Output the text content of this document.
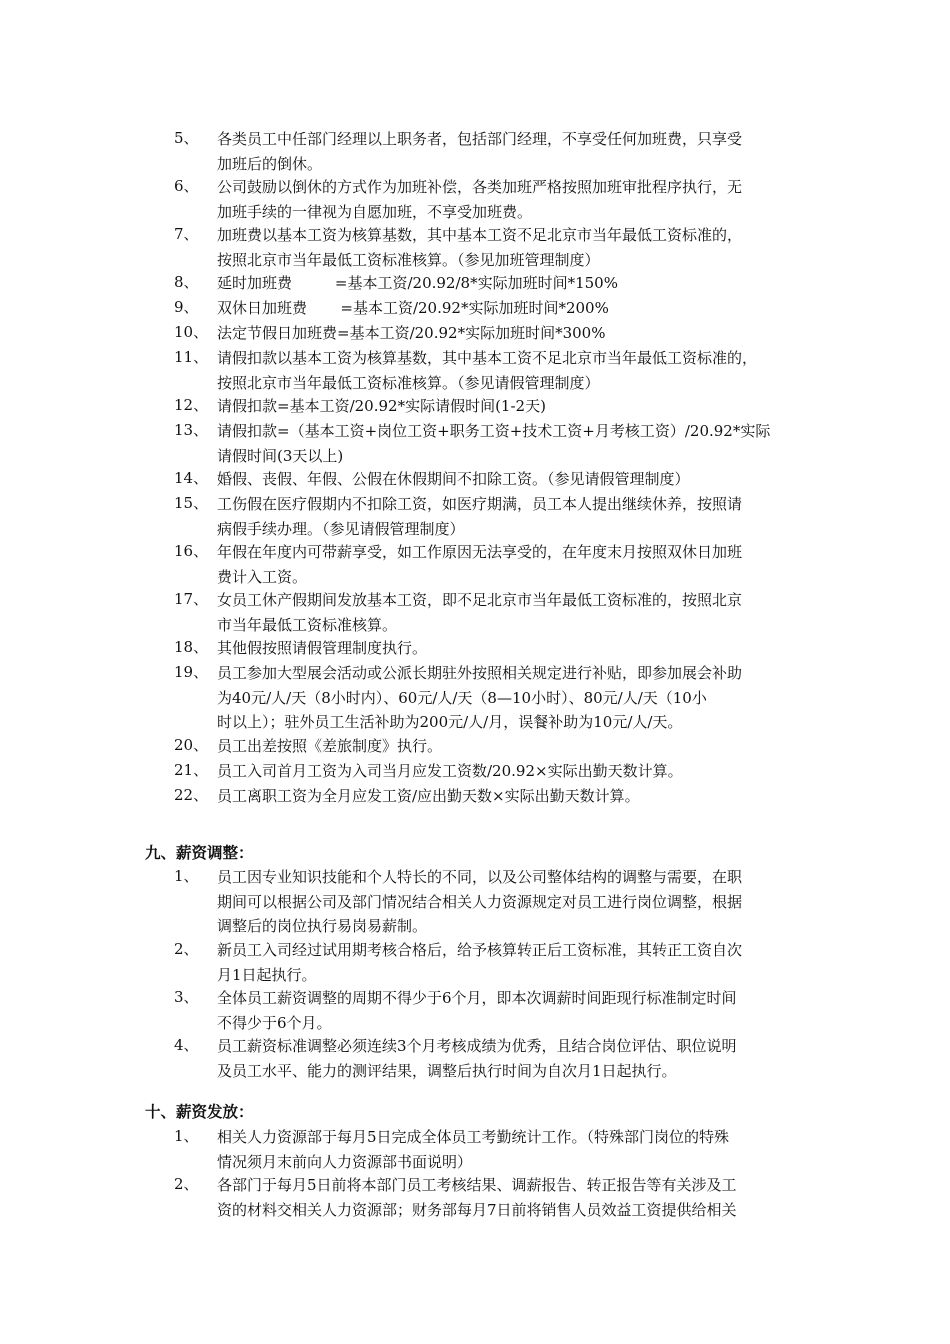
5、	各类员工中任部门经理以上职务者，包括部门经理，不享受任何加班费，只享受
加班后的倒休。
6、	公司鼓励以倒休的方式作为加班补偿，各类加班严格按照加班审批程序执行，无
加班手续的一律视为自愿加班，不享受加班费。
7、	加班费以基本工资为核算基数，其中基本工资不足北京市当年最低工资标准的，
按照北京市当年最低工资标准核算。（参见加班管理制度）
8、	延时加班费         =基本工资/20.92/8*实际加班时间*150%
9、	双休日加班费       =基本工资/20.92*实际加班时间*200%
10、 法定节假日加班费=基本工资/20.92*实际加班时间*300%
11、 请假扣款以基本工资为核算基数，其中基本工资不足北京市当年最低工资标准的，
按照北京市当年最低工资标准核算。（参见请假管理制度）
12、 请假扣款=基本工资/20.92*实际请假时间(1-2天)
13、 请假扣款=（基本工资+岗位工资+职务工资+技术工资+月考核工资）/20.92*实际
请假时间(3天以上)
14、 婚假、丧假、年假、公假在休假期间不扣除工资。（参见请假管理制度）
15、 工伤假在医疗假期内不扣除工资，如医疗期满，员工本人提出继续休养，按照请
病假手续办理。（参见请假管理制度）
16、 年假在年度内可带薪享受，如工作原因无法享受的，在年度末月按照双休日加班
费计入工资。
17、 女员工休产假期间发放基本工资，即不足北京市当年最低工资标准的，按照北京
市当年最低工资标准核算。
18、 其他假按照请假管理制度执行。
19、 员工参加大型展会活动或公派长期驻外按照相关规定进行补贴，即参加展会补助
为40元/人/天（8小时内）、60元/人/天（8—10小时）、80元/人/天（10小
时以上）；驻外员工生活补助为200元/人/月，误餐补助为10元/人/天。
20、 员工出差按照《差旅制度》执行。
21、 员工入司首月工资为入司当月应发工资数/20.92×实际出勤天数计算。
22、 员工离职工资为全月应发工资/应出勤天数×实际出勤天数计算。
九、薪资调整：
1、	员工因专业知识技能和个人特长的不同，以及公司整体结构的调整与需要，在职
期间可以根据公司及部门情况结合相关人力资源规定对员工进行岗位调整，根据
调整后的岗位执行易岗易薪制。
2、	新员工入司经过试用期考核合格后，给予核算转正后工资标准，其转正工资自次
月1日起执行。
3、	全体员工薪资调整的周期不得少于6个月，即本次调薪时间距现行标准制定时间
不得少于6个月。
4、	员工薪资标准调整必须连续3个月考核成绩为优秀，且结合岗位评估、职位说明
及员工水平、能力的测评结果，调整后执行时间为自次月1日起执行。
十、薪资发放：
1、	相关人力资源部于每月5日完成全体员工考勤统计工作。（特殊部门岗位的特殊
情况须月末前向人力资源部书面说明）
2、	各部门于每月5日前将本部门员工考核结果、调薪报告、转正报告等有关涉及工
资的材料交相关人力资源部；财务部每月7日前将销售人员效益工资提供给相关
